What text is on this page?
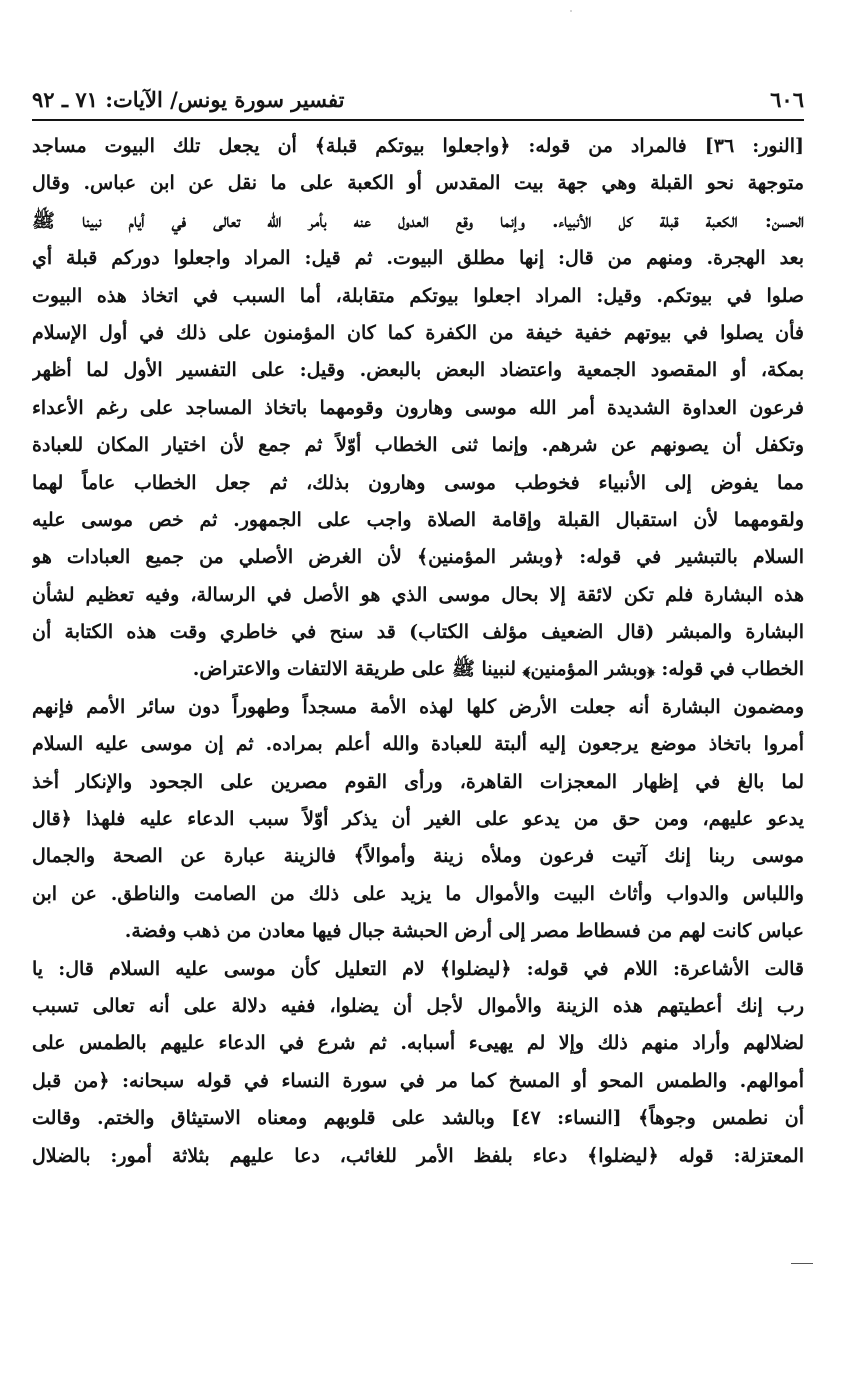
٦٠٦
تفسير سورة يونس/ الآيات: ٧١ ـ ٩٢
[النور: ٣٦] فالمراد من قوله: ﴿واجعلوا بيوتكم قبلة﴾ أن يجعل تلك البيوت مساجد
متوجهة نحو القبلة وهي جهة بيت المقدس أو الكعبة على ما نقل عن ابن عباس. وقال
الحسن: الكعبة قبلة كل الأنبياء. وإنما وقع العدول عنه بأمر الله تعالى في أيام نبينا ﷺ
بعد الهجرة. ومنهم من قال: إنها مطلق البيوت. ثم قيل: المراد واجعلوا دوركم قبلة أي
صلوا في بيوتكم. وقيل: المراد اجعلوا بيوتكم متقابلة، أما السبب في اتخاذ هذه البيوت
فأن يصلوا في بيوتهم خفية خيفة من الكفرة كما كان المؤمنون على ذلك في أول الإسلام
بمكة، أو المقصود الجمعية واعتضاد البعض بالبعض. وقيل: على التفسير الأول لما أظهر
فرعون العداوة الشديدة أمر الله موسى وهارون وقومهما باتخاذ المساجد على رغم الأعداء
وتكفل أن يصونهم عن شرهم. وإنما ثنى الخطاب أوّلاً ثم جمع لأن اختيار المكان للعبادة
مما يفوض إلى الأنبياء فخوطب موسى وهارون بذلك، ثم جعل الخطاب عاماً لهما
ولقومهما لأن استقبال القبلة وإقامة الصلاة واجب على الجمهور. ثم خص موسى عليه
السلام بالتبشير في قوله: ﴿وبشر المؤمنين﴾ لأن الغرض الأصلي من جميع العبادات هو
هذه البشارة فلم تكن لائقة إلا بحال موسى الذي هو الأصل في الرسالة، وفيه تعظيم لشأن
البشارة والمبشر (قال الضعيف مؤلف الكتاب) قد سنح في خاطري وقت هذه الكتابة أن
الخطاب في قوله: ﴿وبشر المؤمنين﴾ لنبينا ﷺ على طريقة الالتفات والاعتراض.
ومضمون البشارة أنه جعلت الأرض كلها لهذه الأمة مسجداً وطهوراً دون سائر الأمم فإنهم
أمروا باتخاذ موضع يرجعون إليه ألبتة للعبادة والله أعلم بمراده. ثم إن موسى عليه السلام
لما بالغ في إظهار المعجزات القاهرة، ورأى القوم مصرين على الجحود والإنكار أخذ
يدعو عليهم، ومن حق من يدعو على الغير أن يذكر أوّلاً سبب الدعاء عليه فلهذا ﴿قال
موسى ربنا إنك آتيت فرعون وملأه زينة وأموالاً﴾ فالزينة عبارة عن الصحة والجمال
واللباس والدواب وأثاث البيت والأموال ما يزيد على ذلك من الصامت والناطق. عن ابن
عباس كانت لهم من فسطاط مصر إلى أرض الحبشة جبال فيها معادن من ذهب وفضة.
قالت الأشاعرة: اللام في قوله: ﴿ليضلوا﴾ لام التعليل كأن موسى عليه السلام قال: يا
رب إنك أعطيتهم هذه الزينة والأموال لأجل أن يضلوا، ففيه دلالة على أنه تعالى تسبب
لضلالهم وأراد منهم ذلك وإلا لم يهيىء أسبابه. ثم شرع في الدعاء عليهم بالطمس على
أموالهم. والطمس المحو أو المسخ كما مر في سورة النساء في قوله سبحانه: ﴿من قبل
أن نطمس وجوهاً﴾ [النساء: ٤٧] وبالشد على قلوبهم ومعناه الاستيثاق والختم. وقالت
المعتزلة: قوله ﴿ليضلوا﴾ دعاء بلفظ الأمر للغائب، دعا عليهم بثلاثة أمور: بالضلال
